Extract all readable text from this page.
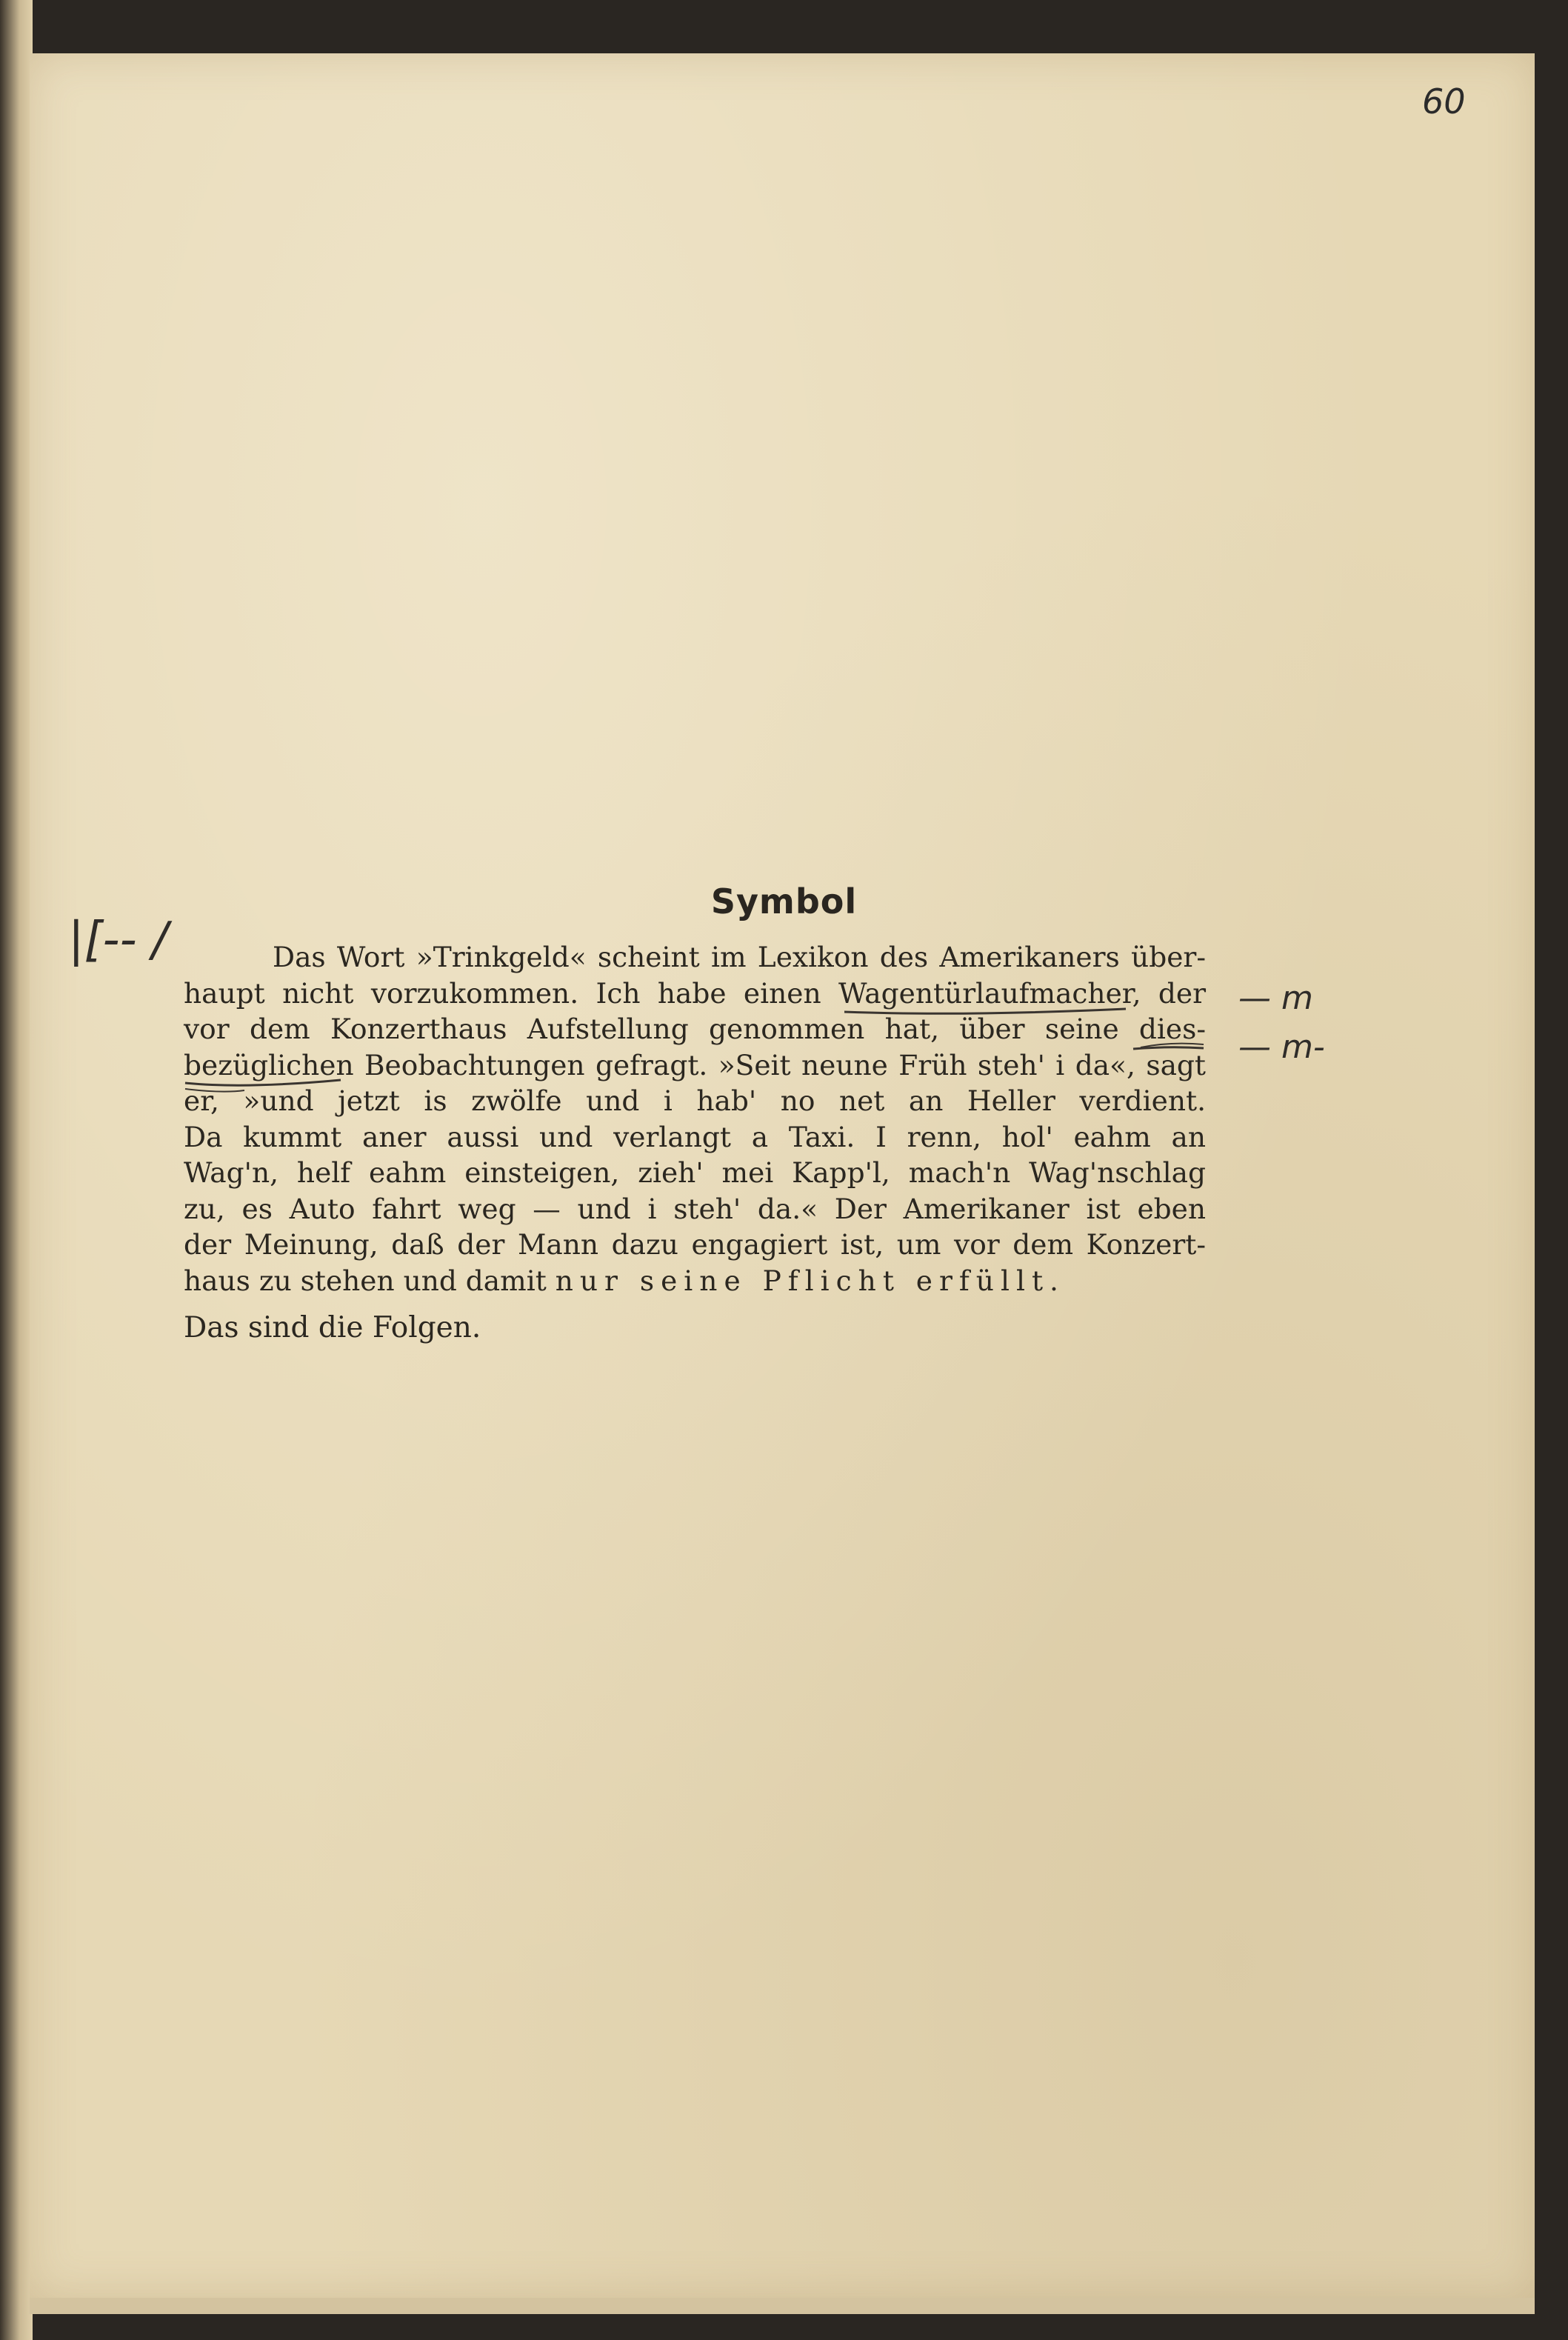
60
Symbol
Das Wort »Trinkgeld« scheint im Lexikon des Amerikaners über-
haupt nicht vorzukommen. Ich habe einen Wagentürlaufmacher, der
vor dem Konzerthaus Aufstellung genommen hat, über seine dies-
bezüglichen Beobachtungen gefragt. »Seit neune Früh steh' i da«, sagt
er, »und jetzt is zwölfe und i hab' no net an Heller verdient.
Da kummt aner aussi und verlangt a Taxi. I renn, hol' eahm an
Wag'n, helf eahm einsteigen, zieh' mei Kapp'l, mach'n Wag'nschlag
zu, es Auto fahrt weg — und i steh' da.« Der Amerikaner ist eben
der Meinung, daß der Mann dazu engagiert ist, um vor dem Konzert-
haus zu stehen und damit nur seine Pflicht erfüllt.
Das sind die Folgen.
|[-- /
— m
— m-
